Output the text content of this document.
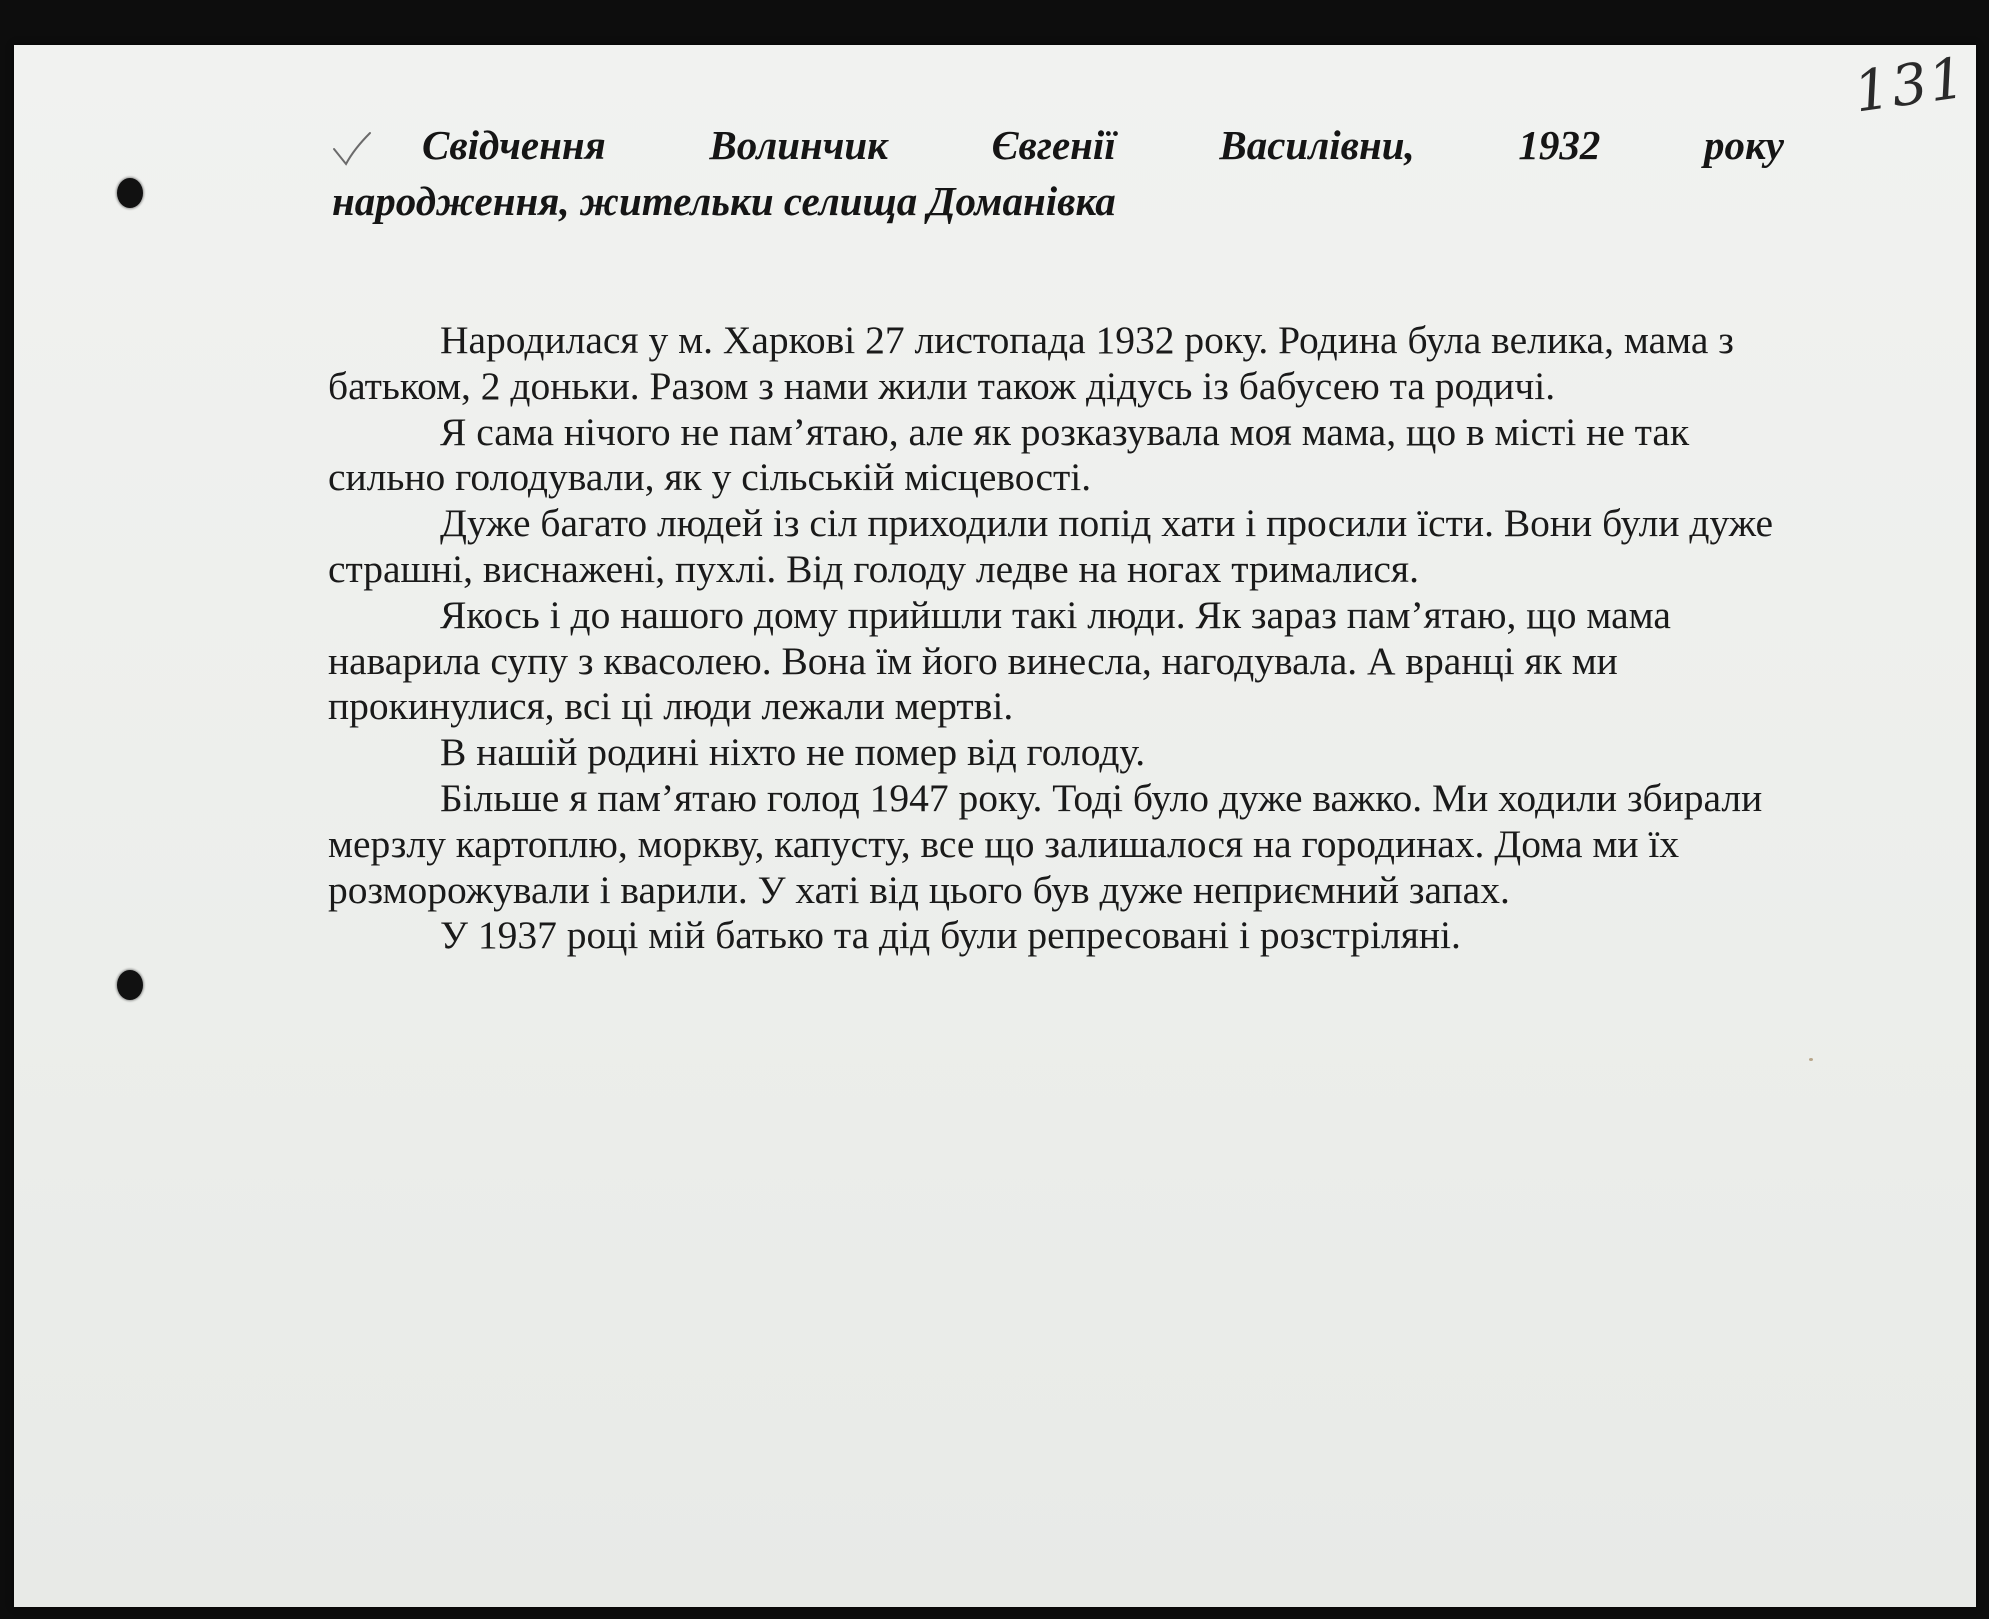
131
Свідчення	Волинчик	Євгенії	Василівни,	1932	року
народження, жительки селища Доманівка

Народилася у м. Харкові 27 листопада 1932 року. Родина була велика, мама з батьком, 2 доньки. Разом з нами жили також дідусь із бабусею та родичі.

Я сама нічого не пам’ятаю, але як розказувала моя мама, що в місті не так сильно голодували, як у сільській місцевості.

Дуже багато людей із сіл приходили попід хати і просили їсти. Вони були дуже страшні, виснажені, пухлі. Від голоду ледве на ногах трималися.

Якось і до нашого дому прийшли такі люди. Як зараз пам’ятаю, що мама наварила супу з квасолею. Вона їм його винесла, нагодувала. А вранці як ми прокинулися, всі ці люди лежали мертві.

В нашій родині ніхто не помер від голоду.

Більше я пам’ятаю голод 1947 року. Тоді було дуже важко. Ми ходили збирали мерзлу картоплю, моркву, капусту, все що залишалося на городинах. Дома ми їх розморожували і варили. У хаті від цього був дуже неприємний запах.

У 1937 році мій батько та дід були репресовані і розстріляні.
